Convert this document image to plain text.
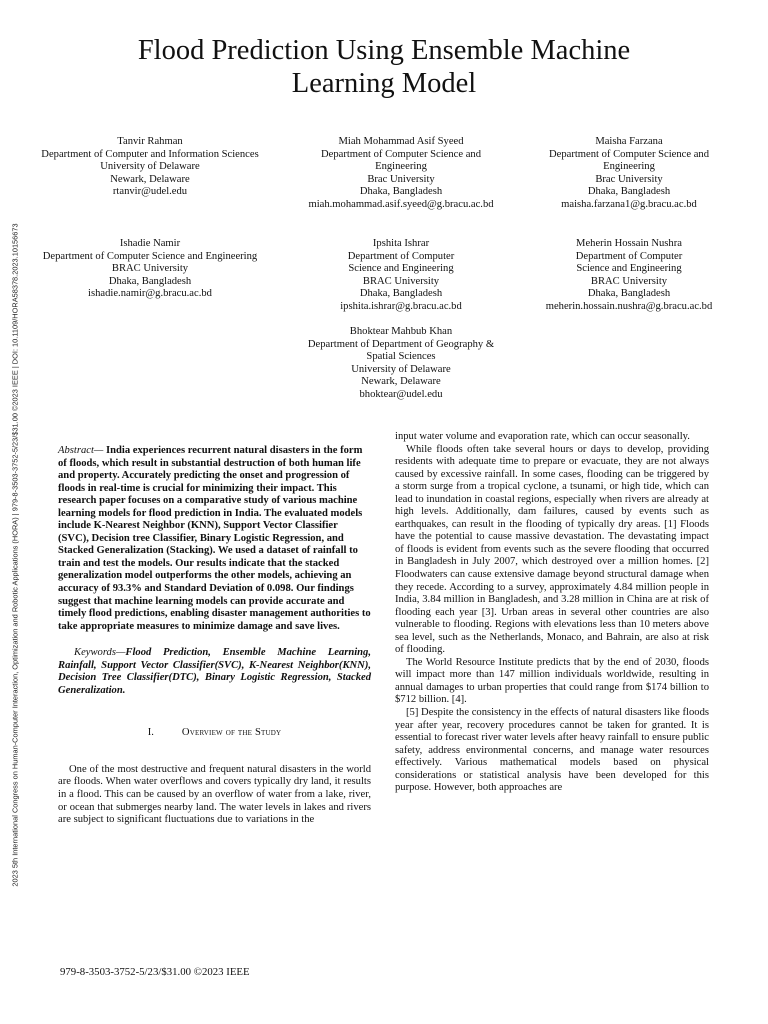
Flood Prediction Using Ensemble Machine
Learning Model
Tanvir Rahman
Department of Computer and Information Sciences
University of Delaware
Newark, Delaware
rtanvir@udel.edu
Miah Mohammad Asif Syeed
Department of Computer Science and
Engineering
Brac University
Dhaka, Bangladesh
miah.mohammad.asif.syeed@g.bracu.ac.bd
Maisha Farzana
Department of Computer Science and
Engineering
Brac University
Dhaka, Bangladesh
maisha.farzana1@g.bracu.ac.bd
Ishadie Namir
Department of Computer Science and Engineering
BRAC University
Dhaka, Bangladesh
ishadie.namir@g.bracu.ac.bd
Ipshita Ishrar
Department of Computer
Science and Engineering
BRAC University
Dhaka, Bangladesh
ipshita.ishrar@g.bracu.ac.bd
Meherin Hossain Nushra
Department of Computer
Science and Engineering
BRAC University
Dhaka, Bangladesh
meherin.hossain.nushra@g.bracu.ac.bd
Bhoktear Mahbub Khan
Department of Department of Geography &
Spatial Sciences
University of Delaware
Newark, Delaware
bhoktear@udel.edu
2023 5th International Congress on Human-Computer Interaction, Optimization and Robotic Applications (HORA) | 979-8-3503-3752-5/23/$31.00 ©2023 IEEE | DOI: 10.1109/HORA58378.2023.10156673	Abstract— India experiences recurrent natural disasters in the form of floods, which result in substantial destruction of both human life and property. Accurately predicting the onset and progression of floods in real-time is crucial for minimizing their impact. This research paper focuses on a comparative study of various machine learning models for flood prediction in India. The evaluated models include K-Nearest Neighbor (KNN), Support Vector Classifier (SVC), Decision tree Classifier, Binary Logistic Regression, and Stacked Generalization (Stacking). We used a dataset of rainfall to train and test the models. Our results indicate that the stacked generalization model outperforms the other models, achieving an accuracy of 93.3% and Standard Deviation of 0.098. Our findings suggest that machine learning models can provide accurate and timely flood predictions, enabling disaster management authorities to take appropriate measures to minimize damage and save lives.

Keywords—Flood Prediction, Ensemble Machine Learning, Rainfall, Support Vector Classifier(SVC), K-Nearest Neighbor(KNN), Decision Tree Classifier(DTC), Binary Logistic Regression, Stacked Generalization.

I.	Overview of the Study

One of the most destructive and frequent natural disasters in the world are floods. When water overflows and covers typically dry land, it results in a flood. This can be caused by an overflow of water from a lake, river, or ocean that submerges nearby land. The water levels in lakes and rivers are subject to significant fluctuations due to variations in the

input water volume and evaporation rate, which can occur seasonally.

While floods often take several hours or days to develop, providing residents with adequate time to prepare or evacuate, they are not always caused by excessive rainfall. In some cases, flooding can be triggered by a storm surge from a tropical cyclone, a tsunami, or high tide, which can lead to inundation in coastal regions, especially when rivers are already at high levels. Additionally, dam failures, caused by events such as earthquakes, can result in the flooding of typically dry areas. [1] Floods have the potential to cause massive devastation. The devastating impact of floods is evident from events such as the severe flooding that occurred in Bangladesh in July 2007, which destroyed over a million homes. [2] Floodwaters can cause extensive damage beyond structural damage when they recede. According to a survey, approximately 4.84 million people in India, 3.84 million in Bangladesh, and 3.28 million in China are at risk of flooding each year [3]. Urban areas in several other countries are also vulnerable to flooding. Regions with elevations less than 10 meters above sea level, such as the Netherlands, Monaco, and Bahrain, are also at risk of flooding.

The World Resource Institute predicts that by the end of 2030, floods will impact more than 147 million individuals worldwide, resulting in annual damages to urban properties that could range from $174 billion to $712 billion. [4].

[5] Despite the consistency in the effects of natural disasters like floods year after year, recovery procedures cannot be taken for granted. It is essential to forecast river water levels after heavy rainfall to ensure public safety, address environmental concerns, and manage water resources effectively. Various mathematical models based on physical considerations or statistical analysis have been developed for this purpose. However, both approaches are

979-8-3503-3752-5/23/$31.00 ©2023 IEEE
